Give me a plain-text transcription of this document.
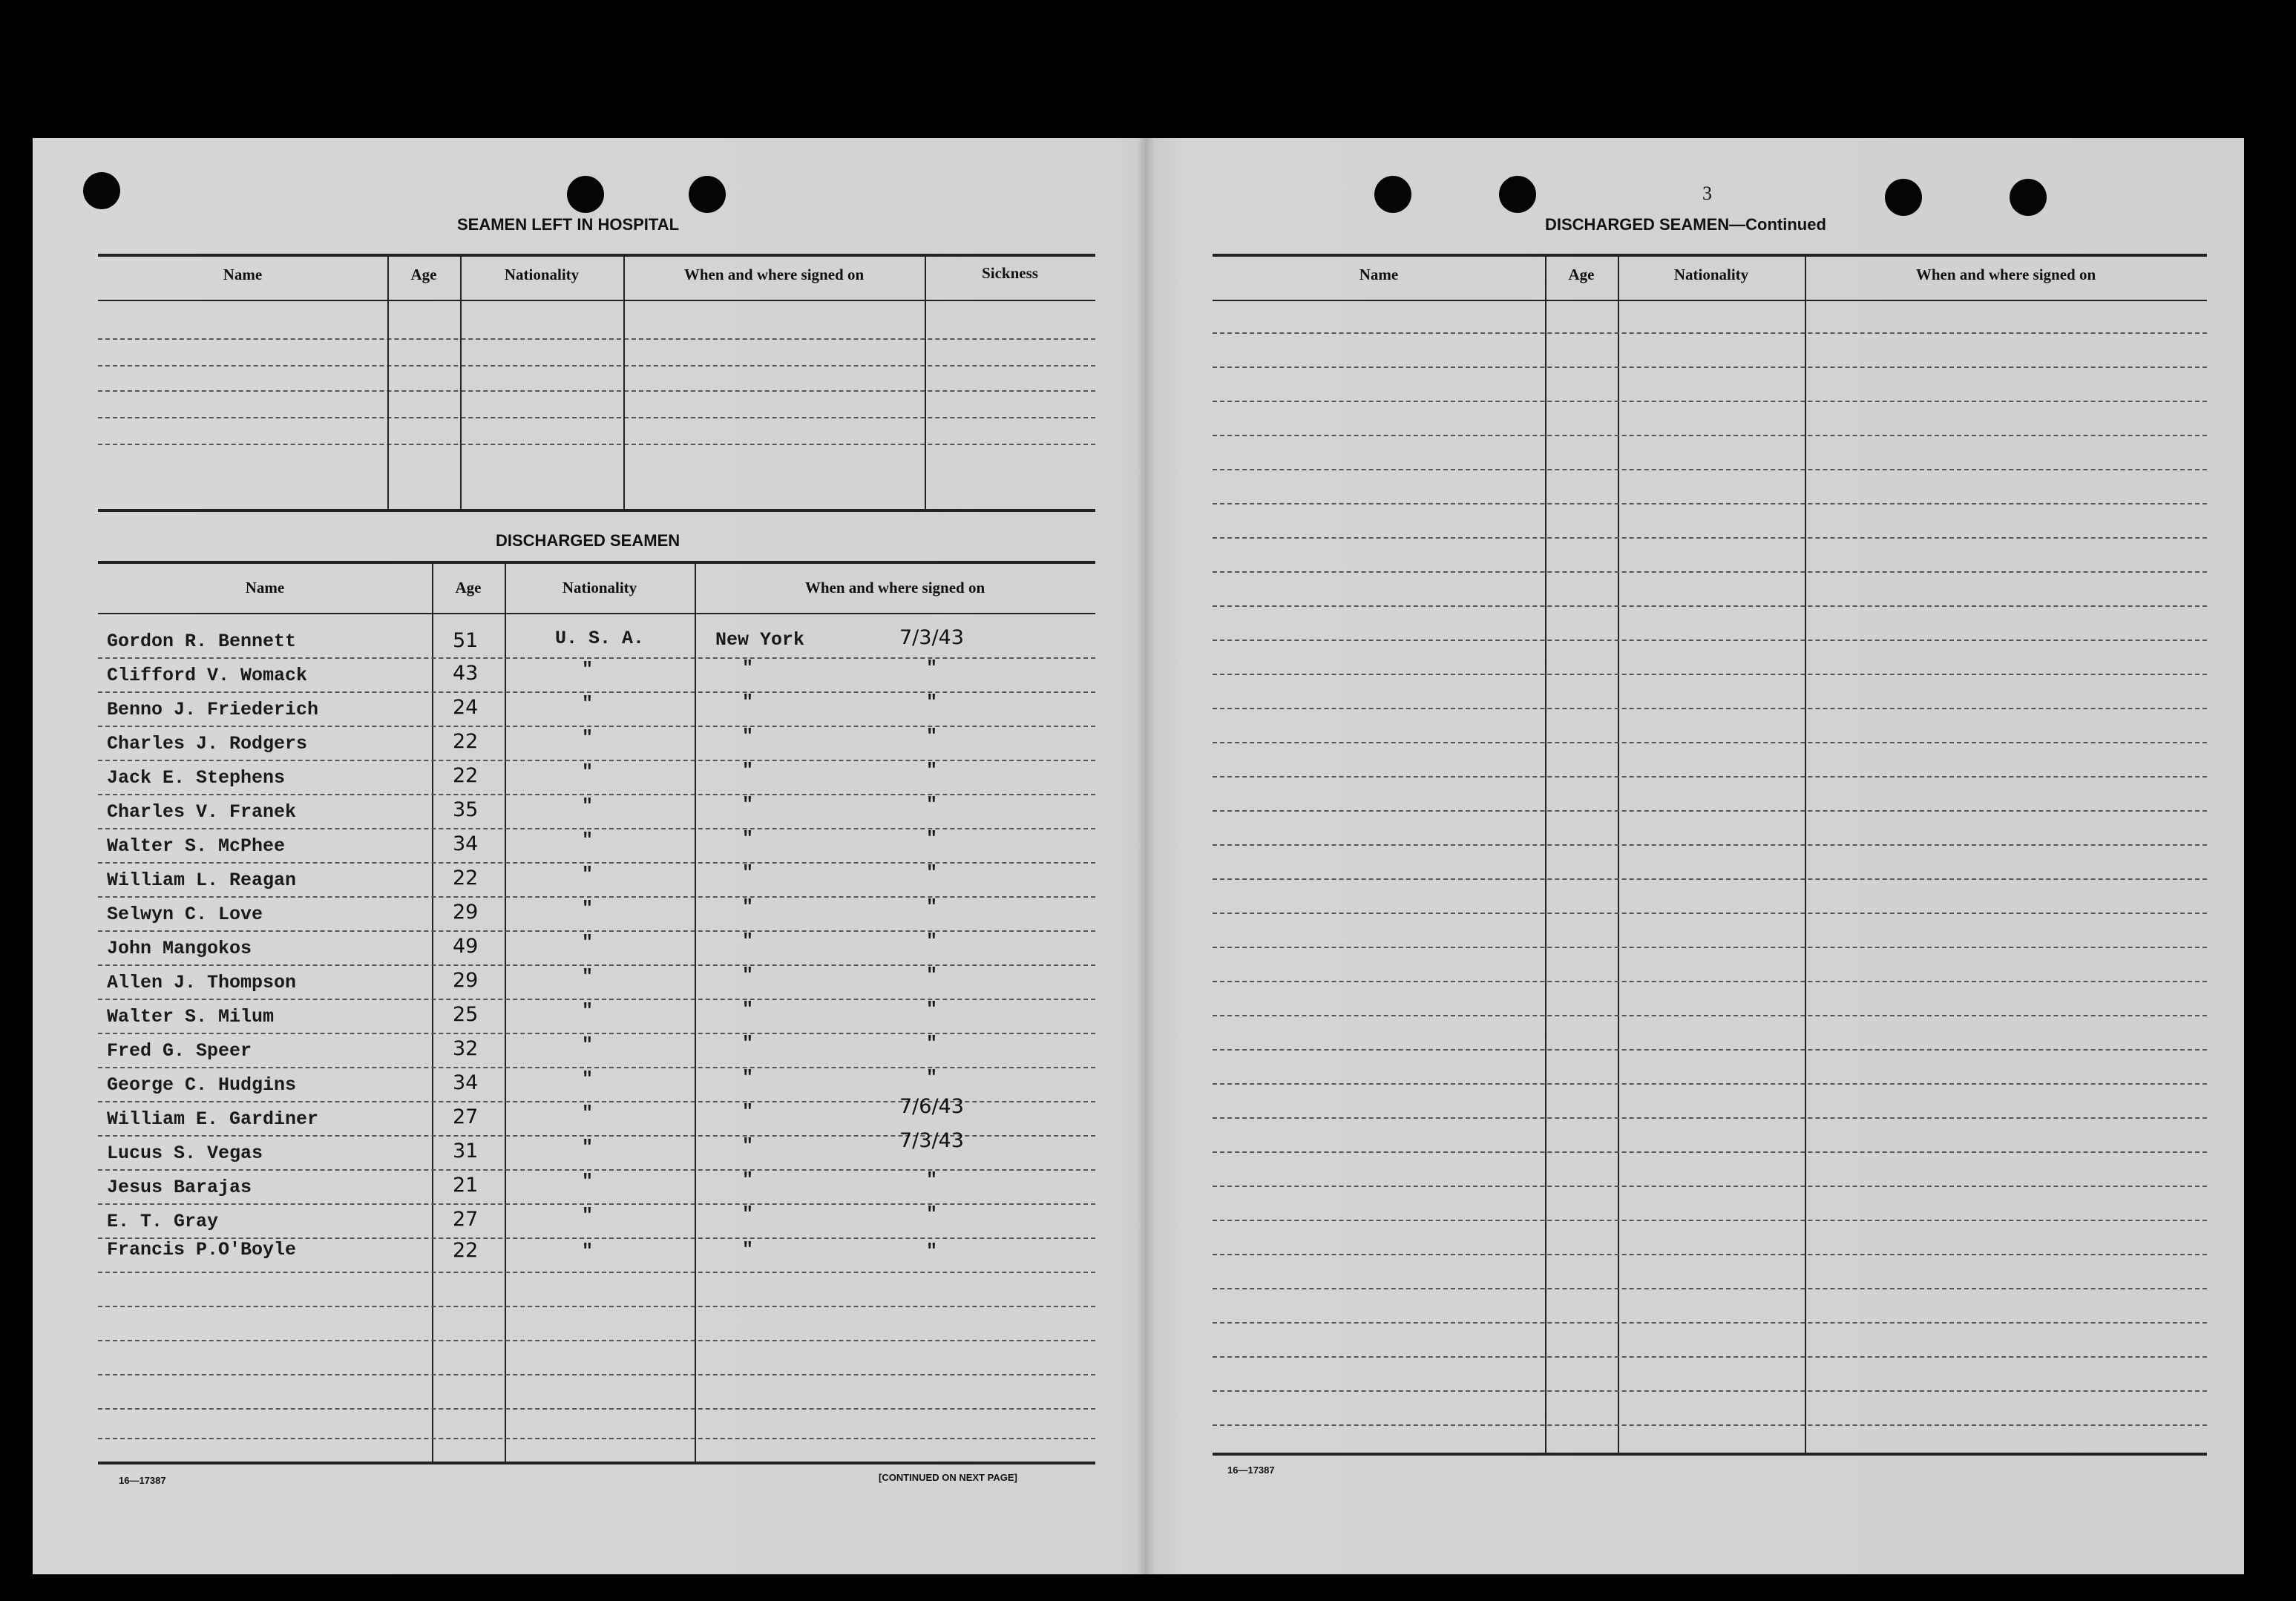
SEAMEN LEFT IN HOSPITAL
Name	Age	Nationality	When and where signed on	Sickness
DISCHARGED SEAMEN
Name	Age	Nationality	When and where signed on
Gordon R. Bennett	51	U. S. A.	New York	7/3/43
Clifford V. Womack	43	"	"	"
Benno J. Friederich	24	"	"	"
Charles J. Rodgers	22	"	"	"
Jack E. Stephens	22	"	"	"
Charles V. Franek	35	"	"	"
Walter S. McPhee	34	"	"	"
William L. Reagan	22	"	"	"
Selwyn C. Love	29	"	"	"
John Mangokos	49	"	"	"
Allen J. Thompson	29	"	"	"
Walter S. Milum	25	"	"	"
Fred G. Speer	32	"	"	"
George C. Hudgins	34	"	"	"
William E. Gardiner	27	"	"	7/6/43
Lucus S. Vegas	31	"	"	7/3/43
Jesus Barajas	21	"	"	"
E. T. Gray	27	"	"	"
Francis P.O'Boyle	22	"	"	"
16—17387	[CONTINUED ON NEXT PAGE]
3
DISCHARGED SEAMEN—Continued
Name	Age	Nationality	When and where signed on
16—17387
